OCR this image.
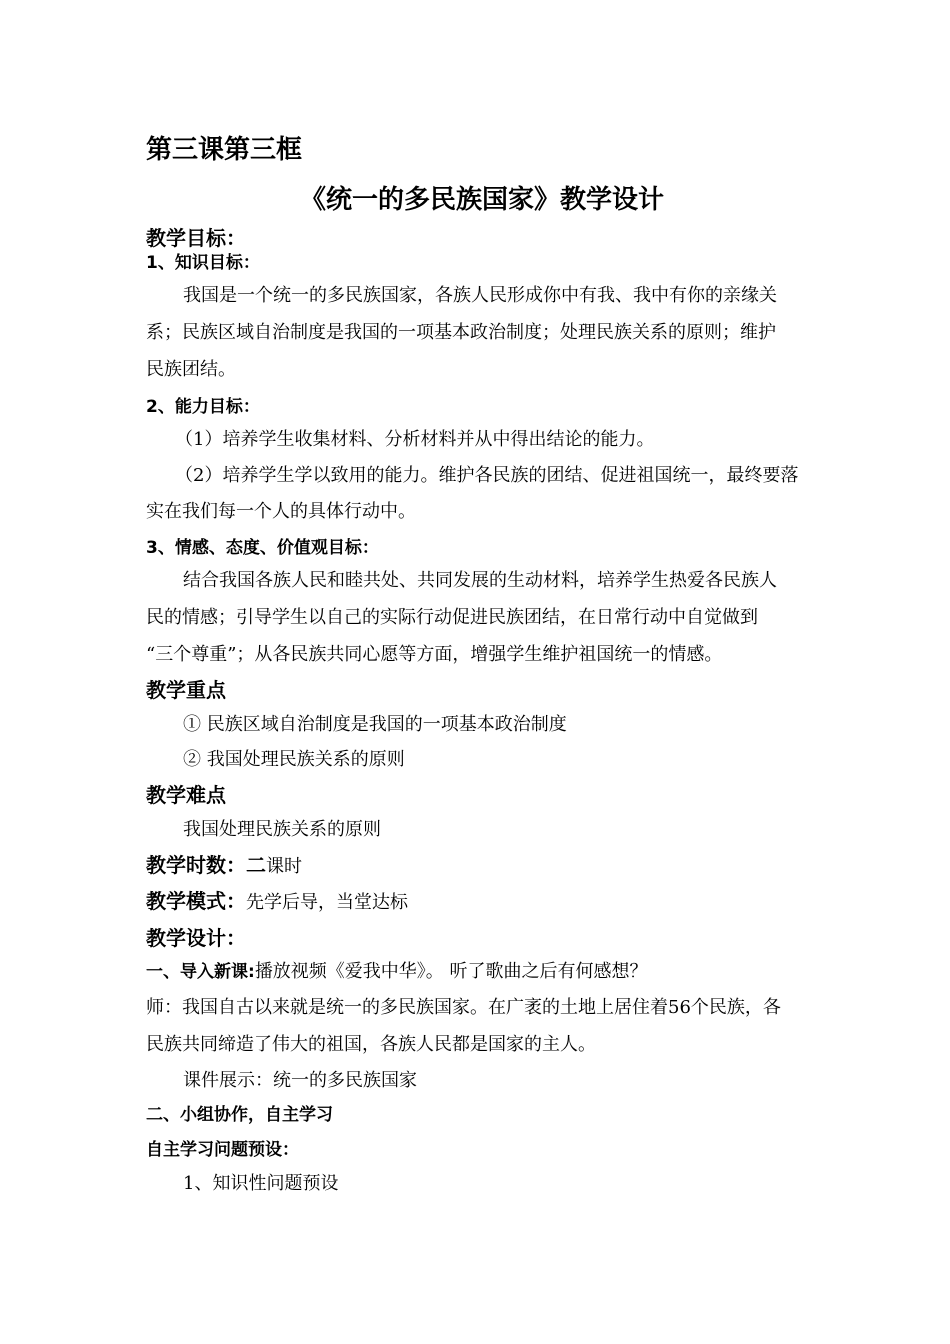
第三课第三框
《统一的多民族国家》教学设计
教学目标：
1、知识目标：
我国是一个统一的多民族国家，各族人民形成你中有我、我中有你的亲缘关
系；民族区域自治制度是我国的一项基本政治制度；处理民族关系的原则；维护
民族团结。
2、能力目标：
（1）培养学生收集材料、分析材料并从中得出结论的能力。
（2）培养学生学以致用的能力。维护各民族的团结、促进祖国统一，最终要落
实在我们每一个人的具体行动中。
3、情感、态度、价值观目标：
结合我国各族人民和睦共处、共同发展的生动材料，培养学生热爱各民族人
民的情感；引导学生以自己的实际行动促进民族团结，在日常行动中自觉做到
“三个尊重”；从各民族共同心愿等方面，增强学生维护祖国统一的情感。
教学重点
① 民族区域自治制度是我国的一项基本政治制度
② 我国处理民族关系的原则
教学难点
我国处理民族关系的原则
教学时数：二课时
教学模式：先学后导，当堂达标
教学设计：
一、导入新课:播放视频《爱我中华》。 听了歌曲之后有何感想？
师：我国自古以来就是统一的多民族国家。在广袤的土地上居住着56个民族，各
民族共同缔造了伟大的祖国，各族人民都是国家的主人。
课件展示：统一的多民族国家
二、小组协作，自主学习
自主学习问题预设：
1、知识性问题预设
